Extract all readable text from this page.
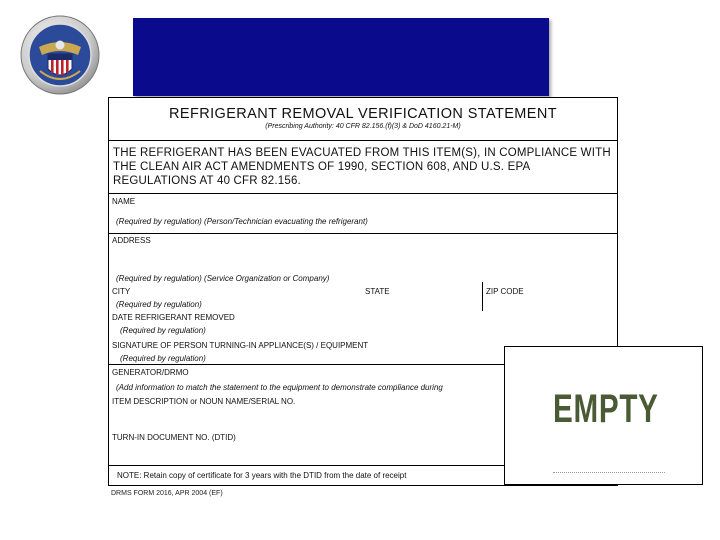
REFRIGERANT REMOVAL VERIFICATION STATEMENT
(Prescribing Authority: 40 CFR 82.156.(f)(3) & DoD 4160.21-M)
THE REFRIGERANT HAS BEEN EVACUATED FROM THIS ITEM(S), IN COMPLIANCE WITH THE CLEAN AIR ACT AMENDMENTS OF 1990, SECTION 608, AND U.S. EPA REGULATIONS AT 40 CFR 82.156.
NAME
(Required by regulation) (Person/Technician evacuating the refrigerant)
ADDRESS
(Required by regulation) (Service Organization or Company)
CITY	STATE	ZIP CODE
(Required by regulation)
DATE REFRIGERANT REMOVED
(Required by regulation)
SIGNATURE OF PERSON TURNING-IN APPLIANCE(S) / EQUIPMENT
(Required by regulation)
GENERATOR/DRMO
(Add information to match the statement to the equipment to demonstrate compliance during
ITEM DESCRIPTION or NOUN NAME/SERIAL NO.
TURN-IN DOCUMENT NO. (DTID)
NOTE: Retain copy of certificate for 3 years with the DTID from the date of receipt
DRMS FORM 2016, APR 2004 (EF)
EMPTY
